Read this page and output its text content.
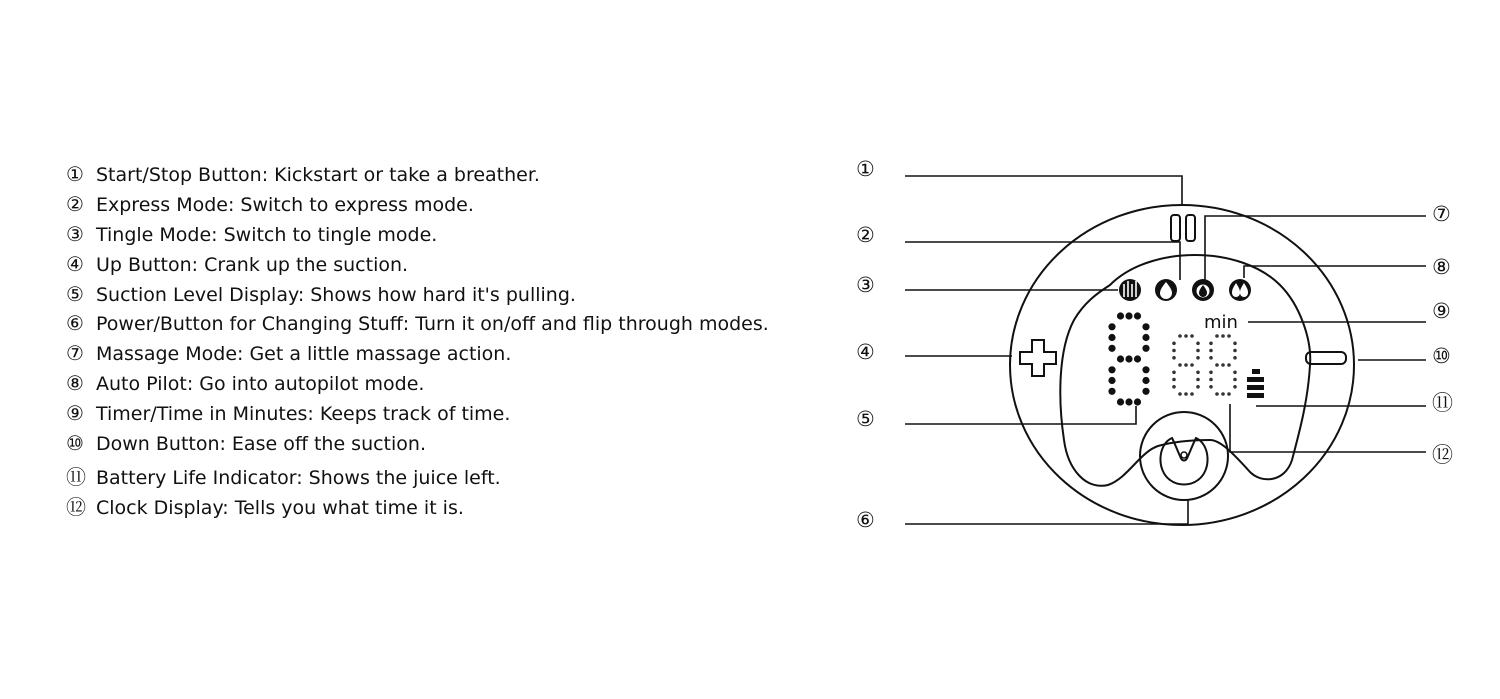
① Start/Stop Button: Kickstart or take a breather.
② Express Mode: Switch to express mode.
③ Tingle Mode: Switch to tingle mode.
④ Up Button: Crank up the suction.
⑤ Suction Level Display: Shows how hard it's pulling.
⑥ Power/Button for Changing Stuff: Turn it on/off and flip through modes.
⑦ Massage Mode: Get a little massage action.
⑧ Auto Pilot: Go into autopilot mode.
⑨ Timer/Time in Minutes: Keeps track of time.
⑩ Down Button: Ease off the suction.
⑪ Battery Life Indicator: Shows the juice left.
⑫ Clock Display: Tells you what time it is.
min
①
②
③
④
⑤
⑥
⑦
⑧
⑨
⑩
⑪
⑫
